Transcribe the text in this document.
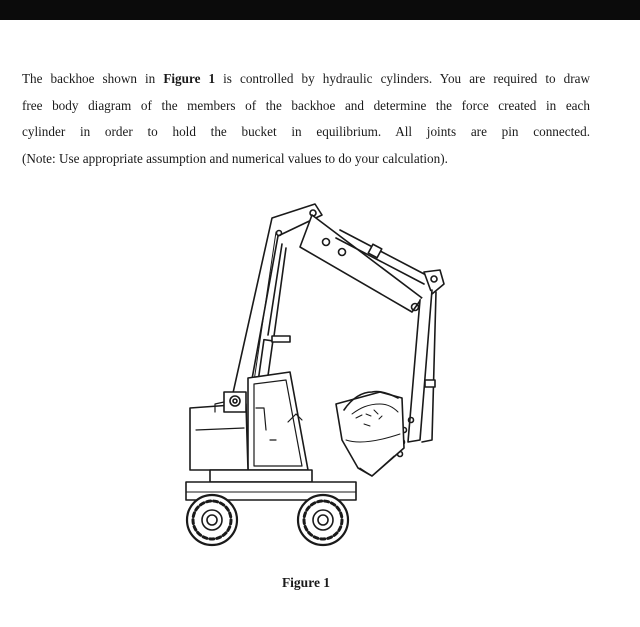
The backhoe shown in Figure 1 is controlled by hydraulic cylinders. You are required to draw
free body diagram of the members of the backhoe and determine the force created in each
cylinder in order to hold the bucket in equilibrium. All joints are pin connected.
(Note: Use appropriate assumption and numerical values to do your calculation).
Figure 1
